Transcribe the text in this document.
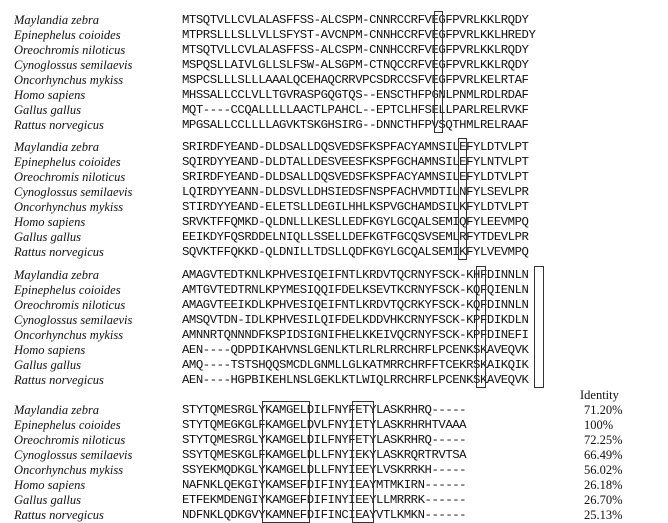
Maylandia zebra	MTSQTVLLCVLALASFFSS-ALCSPM-CNNRCCRFVEGFPVRLKKLRQDY
Epinephelus coioides	MTPRSLLLSLLVLLSFYST-AVCNPM-CNNHCCRFVEGFPVRLKKLHREDY
Oreochromis niloticus	MTSQTVLLCVLALASFFSS-ALCSPM-CNNHCCRFVEGFPVRLKKLRQDY
Cynoglossus semilaevis	MSPQSLLAIVLGLLSLFSW-ALSGPM-CTNQCCRFVEGFPVRLKKLRQDY
Oncorhynchus mykiss	MSPCSLLLSLLLAAALQCEHAQCRRVPCSDRCCSFVEGFPVRLKELRTAF
Homo sapiens	MHSSALLCCLVLLTGVRASPGQGTQS--ENSCTHFPGNLPNMLRDLRDAF
Gallus gallus	MQT----CCQALLLLLAACTLPAHCL--EPTCLHFSELLPARLRELRVKF
Rattus norvegicus	MPGSALLCCLLLLAGVKTSKGHSIRG--DNNCTHFPVSQTHMLRELRAAF
Maylandia zebra	SRIRDFYEAND-DLDSALLDQSVEDSFKSPFACYAMNSILEFYLDTVLPT
Epinephelus coioides	SQIRDYYEAND-DLDTALLDESVEESFKSPFGCHAMNSILEFYLNTVLPT
Oreochromis niloticus	SRIRDFYEAND-DLDSALLDQSVEDSFKSPFACYAMNSILEFYLDTVLPT
Cynoglossus semilaevis	LQIRDYYEANN-DLDSVLLDHSIEDSFNSPFACHVMDTILNFYLSEVLPR
Oncorhynchus mykiss	STIRDYYEAND-ELETSLLDEGILHHLKSPVGCHAMDSILKFYLDTVLPT
Homo sapiens	SRVKTFFQMKD-QLDNLLLKESLLEDFKGYLGCQALSEMIQFYLEEVMPQ
Gallus gallus	EEIKDYFQSRDDELNIQLLSSELLDEFKGTFGCQSVSEMLRFYTDEVLPR
Rattus norvegicus	SQVKTFFQKKD-QLDNILLTDSLLQDFKGYLGCQALSEMIKFYLVEVMPQ
Maylandia zebra	AMAGVTEDTKNLKPHVESIQEIFNTLKRDVTQCRNYFSCK-KHFDINNLN
Epinephelus coioides	AMTGVTEDTRNLKPYMESIQQIFDELKSEVTKCRNYFSCK-KQFQIENLN
Oreochromis niloticus	AMAGVTEEIKDLKPHVESIQEIFNTLKRDVTQCRKYFSCK-KQFDINNLN
Cynoglossus semilaevis	AMSQVTDN-IDLKPHVESILQIFDELKDDVHKCRNYFSCK-KPFDIKDLN
Oncorhynchus mykiss	AMNNRTQNNNDFKSPIDSIGNIFHELKKEIVQCRNYFSCK-KPFDINEFI
Homo sapiens	AEN----QDPDIKAHVNSLGENLKTLRLRLRRCHRFLPCENKSKAVEQVK
Gallus gallus	AMQ----TSTSHQQSMCDLGNMLLGLKATMRRCHRFFTCEKRSKAIKQIK
Rattus norvegicus	AEN----HGPBIKEHLNSLGEKLKTLWIQLRRCHRFLPCENKSKAVEQVK
Identity
Maylandia zebra	STYTQMESRGLYKAMGELDILFNYFETYLASKRHRQ-----	71.20%
Epinephelus coioides	STYTQMEGKGLFKAMGELDVLFNYIETYLASKRHRHTVAAA	100%
Oreochromis niloticus	STYTQMESRGLYKAMGELDILFNYFETYLASKRHRQ-----	72.25%
Cynoglossus semilaevis	SSYTQMESKGLFKAMGELDLLFNYIEKYLASKRQRTRVTSA	66.49%
Oncorhynchus mykiss	SSYEKMQDKGLYKAMGELDLLFNYIEEYLVSKRRKH-----	56.02%
Homo sapiens	NAFNKLQEKGIYKAMSEFDIFINYIEAYMTMKIRN------	26.18%
Gallus gallus	ETFEKMDENGIYKAMGEFDIFINYIEEYLLMRRRK------	26.70%
Rattus norvegicus	NDFNKLQDKGVYKAMNEFDIFINCIEAYVTLKMKN------	25.13%
